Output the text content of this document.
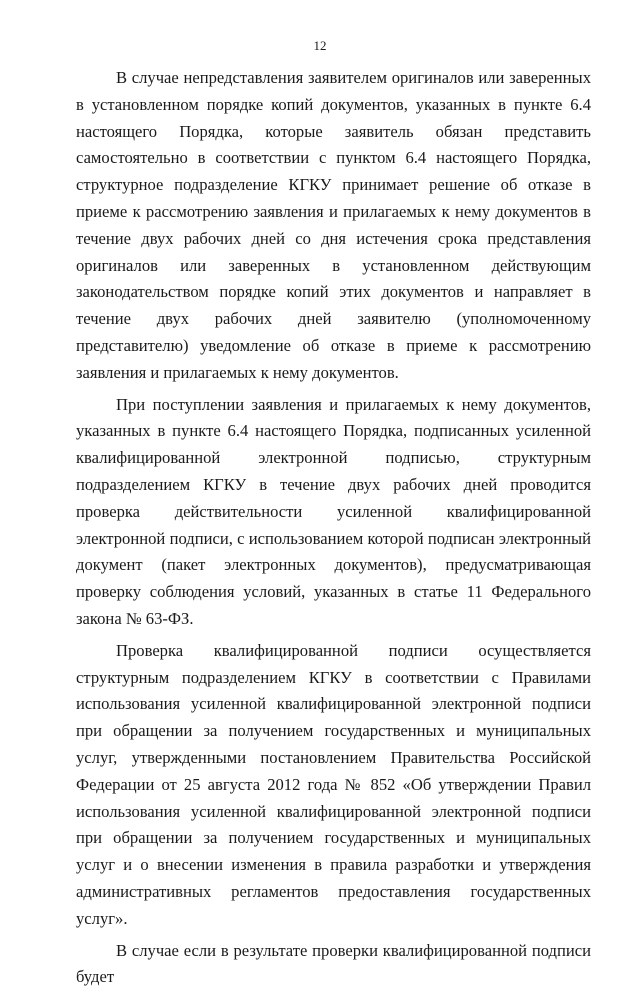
12

В случае непредставления заявителем оригиналов или заверенных в установленном порядке копий документов, указанных в пункте 6.4 настоящего Порядка, которые заявитель обязан представить самостоятельно в соответствии с пунктом 6.4 настоящего Порядка, структурное подразделение КГКУ принимает решение об отказе в приеме к рассмотрению заявления и прилагаемых к нему документов в течение двух рабочих дней со дня истечения срока представления оригиналов или заверенных в установленном действующим законодательством порядке копий этих документов и направляет в течение двух рабочих дней заявителю (уполномоченному представителю) уведомление об отказе в приеме к рассмотрению заявления и прилагаемых к нему документов.

При поступлении заявления и прилагаемых к нему документов, указанных в пункте 6.4 настоящего Порядка, подписанных усиленной квалифицированной электронной подписью, структурным подразделением КГКУ в течение двух рабочих дней проводится проверка действительности усиленной квалифицированной электронной подписи, с использованием которой подписан электронный документ (пакет электронных документов), предусматривающая проверку соблюдения условий, указанных в статье 11 Федерального закона № 63-ФЗ.

Проверка квалифицированной подписи осуществляется структурным подразделением КГКУ в соответствии с Правилами использования усиленной квалифицированной электронной подписи при обращении за получением государственных и муниципальных услуг, утвержденными постановлением Правительства Российской Федерации от 25 августа 2012 года № 852 «Об утверждении Правил использования усиленной квалифицированной электронной подписи при обращении за получением государственных и муниципальных услуг и о внесении изменения в правила разработки и утверждения административных регламентов предоставления государственных услуг».

В случае если в результате проверки квалифицированной подписи будет
